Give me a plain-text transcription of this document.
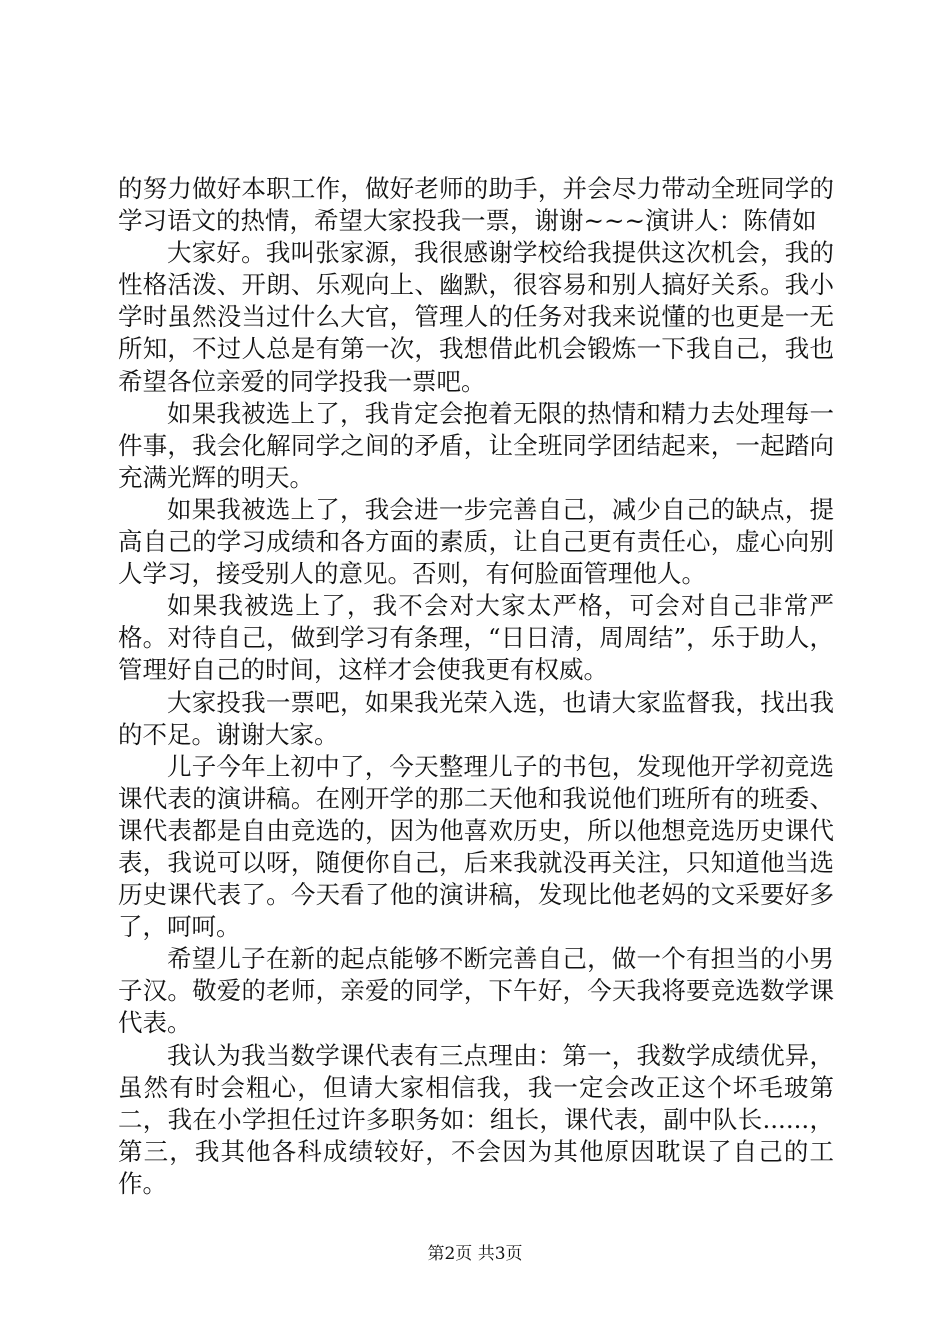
的努力做好本职工作，做好老师的助手，并会尽力带动全班同学的学习语文的热情，希望大家投我一票，谢谢~~~演讲人：陈倩如

大家好。我叫张家源，我很感谢学校给我提供这次机会，我的性格活泼、开朗、乐观向上、幽默，很容易和别人搞好关系。我小学时虽然没当过什么大官，管理人的任务对我来说懂的也更是一无所知，不过人总是有第一次，我想借此机会锻炼一下我自己，我也希望各位亲爱的同学投我一票吧。

如果我被选上了，我肯定会抱着无限的热情和精力去处理每一件事，我会化解同学之间的矛盾，让全班同学团结起来，一起踏向充满光辉的明天。

如果我被选上了，我会进一步完善自己，减少自己的缺点，提高自己的学习成绩和各方面的素质，让自己更有责任心，虚心向别人学习，接受别人的意见。否则，有何脸面管理他人。

如果我被选上了，我不会对大家太严格，可会对自己非常严格。对待自己，做到学习有条理，“日日清，周周结”，乐于助人，管理好自己的时间，这样才会使我更有权威。

大家投我一票吧，如果我光荣入选，也请大家监督我，找出我的不足。谢谢大家。

儿子今年上初中了，今天整理儿子的书包，发现他开学初竞选课代表的演讲稿。在刚开学的那二天他和我说他们班所有的班委、课代表都是自由竞选的，因为他喜欢历史，所以他想竞选历史课代表，我说可以呀，随便你自己，后来我就没再关注，只知道他当选历史课代表了。今天看了他的演讲稿，发现比他老妈的文采要好多了，呵呵。

希望儿子在新的起点能够不断完善自己，做一个有担当的小男子汉。敬爱的老师，亲爱的同学，下午好，今天我将要竞选数学课代表。

我认为我当数学课代表有三点理由：第一，我数学成绩优异，虽然有时会粗心，但请大家相信我，我一定会改正这个坏毛玻第二，我在小学担任过许多职务如：组长，课代表，副中队长......，第三，我其他各科成绩较好，不会因为其他原因耽误了自己的工作。

第2页 共3页
